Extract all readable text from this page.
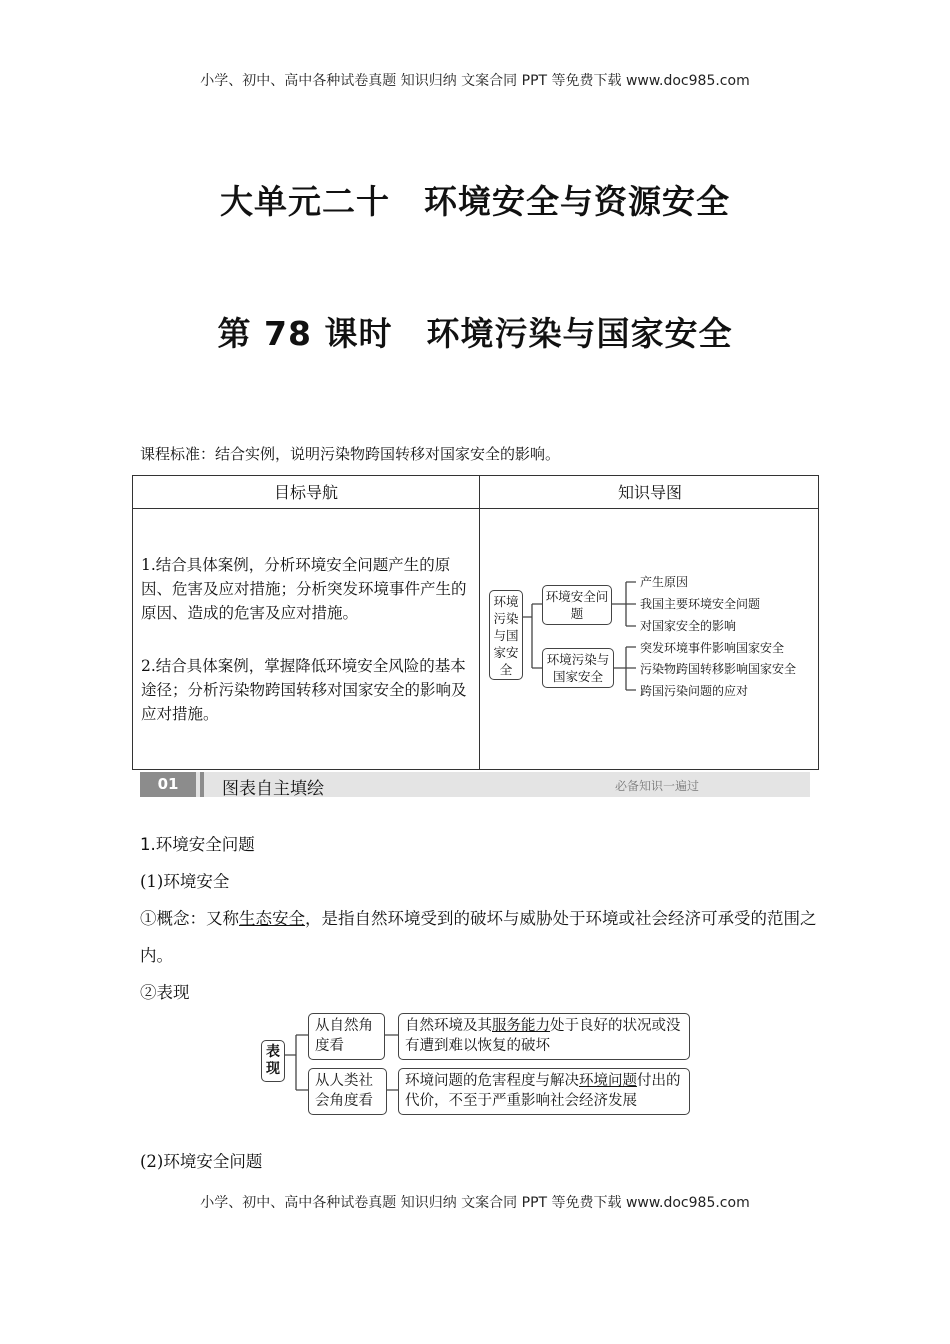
小学、初中、高中各种试卷真题 知识归纳 文案合同 PPT 等免费下载 www.doc985.com
大单元二十　环境安全与资源安全
第 78 课时　环境污染与国家安全
课程标准：结合实例，说明污染物跨国转移对国家安全的影响。
目标导航	知识导图
1.结合具体案例，分析环境安全问题产生的原因、危害及应对措施；分析突发环境事件产生的原因、造成的危害及应对措施。
2.结合具体案例，掌握降低环境安全风险的基本途径；分析污染物跨国转移对国家安全的影响及应对措施。
环境污染与国家安全
环境安全问题
环境污染与国家安全
产生原因
我国主要环境安全问题
对国家安全的影响
突发环境事件影响国家安全
污染物跨国转移影响国家安全
跨国污染问题的应对
01	图表自主填绘	必备知识一遍过
1.环境安全问题
(1)环境安全
①概念：又称生态安全，是指自然环境受到的破坏与威胁处于环境或社会经济可承受的范围之内。
②表现
表现
从自然角度看
从人类社会角度看
自然环境及其服务能力处于良好的状况或没有遭到难以恢复的破坏
环境问题的危害程度与解决环境问题付出的代价，不至于严重影响社会经济发展
(2)环境安全问题
小学、初中、高中各种试卷真题 知识归纳 文案合同 PPT 等免费下载 www.doc985.com
